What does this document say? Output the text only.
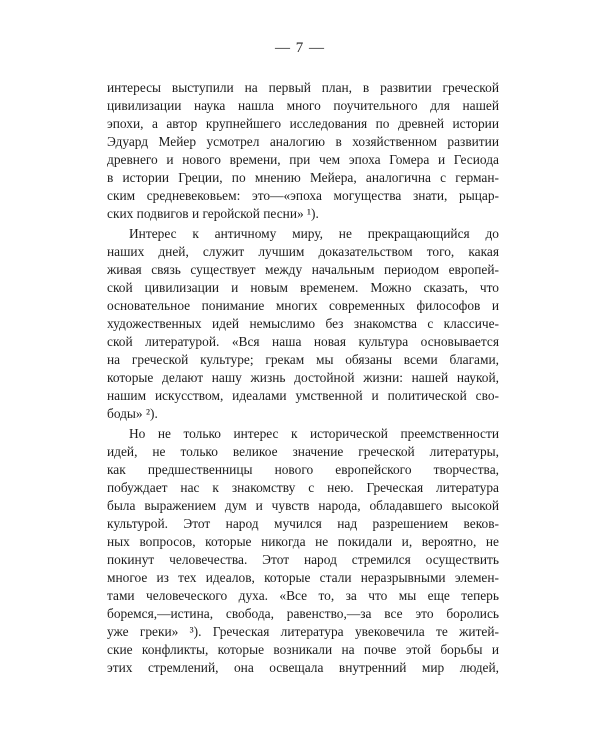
— 7 —
интересы выступили на первый план, в развитии греческой
цивилизации наука нашла много поучительного для нашей
эпохи, а автор крупнейшего исследования по древней истории
Эдуард Мейер усмотрел аналогию в хозяйственном развитии
древнего и нового времени, при чем эпоха Гомера и Гесиода
в истории Греции, по мнению Мейера, аналогична с герман-
ским средневековьем: это—«эпоха могущества знати, рыцар-
ских подвигов и геройской песни» ¹).
Интерес к античному миру, не прекращающийся до
наших дней, служит лучшим доказательством того, какая
живая связь существует между начальным периодом европей-
ской цивилизации и новым временем. Можно сказать, что
основательное понимание многих современных философов и
художественных идей немыслимо без знакомства с классиче-
ской литературой. «Вся наша новая культура основывается
на греческой культуре; грекам мы обязаны всеми благами,
которые делают нашу жизнь достойной жизни: нашей наукой,
нашим искусством, идеалами умственной и политической сво-
боды» ²).
Но не только интерес к исторической преемственности
идей, не только великое значение греческой литературы,
как предшественницы нового европейского творчества,
побуждает нас к знакомству с нею. Греческая литература
была выражением дум и чувств народа, обладавшего высокой
культурой. Этот народ мучился над разрешением веков-
ных вопросов, которые никогда не покидали и, вероятно, не
покинут человечества. Этот народ стремился осуществить
многое из тех идеалов, которые стали неразрывными элемен-
тами человеческого духа. «Все то, за что мы еще теперь
боремся,—истина, свобода, равенство,—за все это боролись
уже греки» ³). Греческая литература увековечила те житей-
ские конфликты, которые возникали на почве этой борьбы и
этих стремлений, она освещала внутренний мир людей,
